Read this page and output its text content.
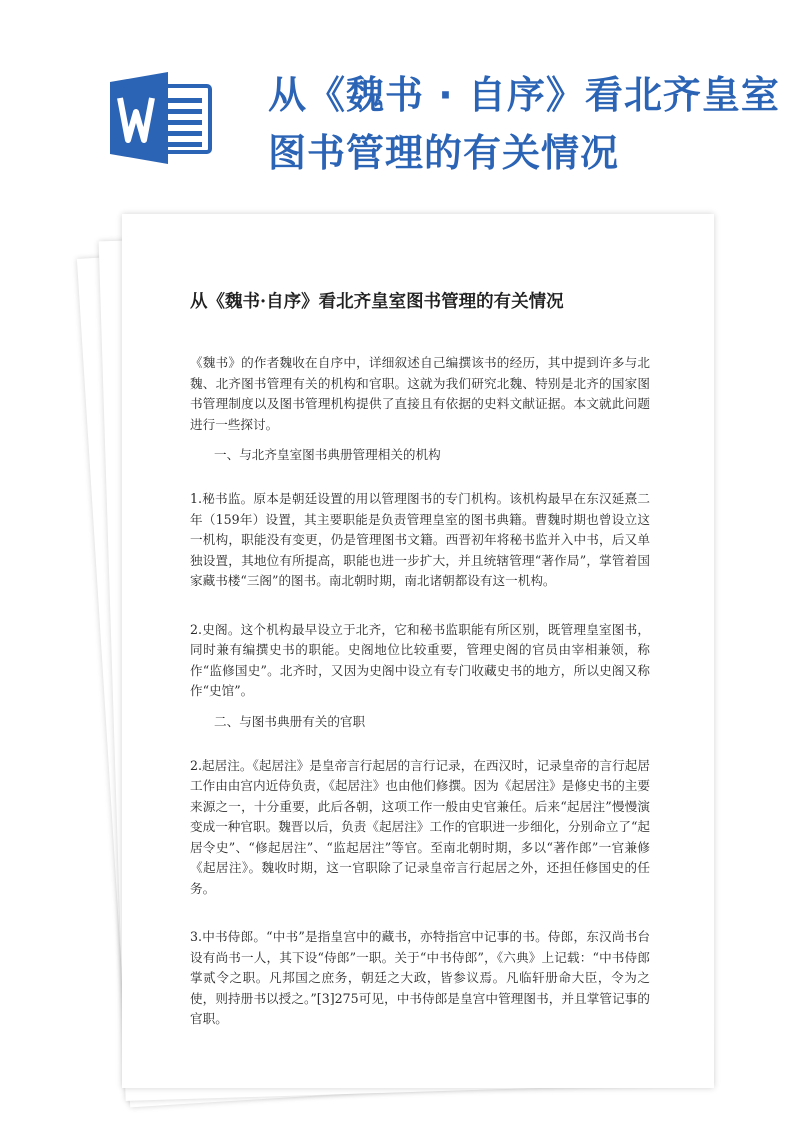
从《魏书 · 自序》看北齐皇室
图书管理的有关情况
从《魏书·自序》看北齐皇室图书管理的有关情况

《魏书》的作者魏收在自序中，详细叙述自己编撰该书的经历，其中提到许多与北魏、北齐图书管理有关的机构和官职。这就为我们研究北魏、特别是北齐的国家图书管理制度以及图书管理机构提供了直接且有依据的史料文献证据。本文就此问题进行一些探讨。

一、与北齐皇室图书典册管理相关的机构

1.秘书监。原本是朝廷设置的用以管理图书的专门机构。该机构最早在东汉延熹二年（159年）设置，其主要职能是负责管理皇室的图书典籍。曹魏时期也曾设立这一机构，职能没有变更，仍是管理图书文籍。西晋初年将秘书监并入中书，后又单独设置，其地位有所提高，职能也进一步扩大，并且统辖管理“著作局”，掌管着国家藏书楼“三阁”的图书。南北朝时期，南北诸朝都设有这一机构。

2.史阁。这个机构最早设立于北齐，它和秘书监职能有所区别，既管理皇室图书，同时兼有编撰史书的职能。史阁地位比较重要，管理史阁的官员由宰相兼领，称作“监修国史”。北齐时，又因为史阁中设立有专门收藏史书的地方，所以史阁又称作“史馆”。

二、与图书典册有关的官职

2.起居注。《起居注》是皇帝言行起居的言行记录，在西汉时，记录皇帝的言行起居工作由由宫内近侍负责，《起居注》也由他们修撰。因为《起居注》是修史书的主要来源之一，十分重要，此后各朝，这项工作一般由史官兼任。后来“起居注”慢慢演变成一种官职。魏晋以后，负责《起居注》工作的官职进一步细化，分别命立了“起居令史”、“修起居注”、“监起居注”等官。至南北朝时期，多以“著作郎”一官兼修《起居注》。魏收时期，这一官职除了记录皇帝言行起居之外，还担任修国史的任务。

3.中书侍郎。“中书”是指皇宫中的藏书，亦特指宫中记事的书。侍郎，东汉尚书台设有尚书一人，其下设“侍郎”一职。关于“中书侍郎”，《六典》上记载：“中书侍郎掌贰令之职。凡邦国之庶务，朝廷之大政，皆参议焉。凡临轩册命大臣，令为之使，则持册书以授之。”[3]275可见，中书侍郎是皇宫中管理图书，并且掌管记事的官职。
